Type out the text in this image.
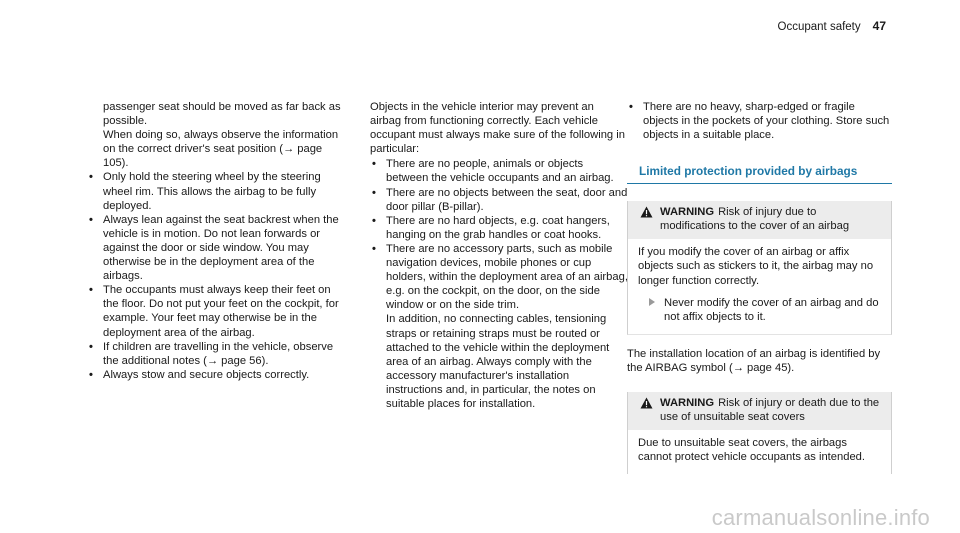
Occupant safety 47

passenger seat should be moved as far back as possible.

When doing so, always observe the information on the correct driver's seat position (→ page 105).

• Only hold the steering wheel by the steering wheel rim. This allows the airbag to be fully deployed.
• Always lean against the seat backrest when the vehicle is in motion. Do not lean forwards or against the door or side window. You may otherwise be in the deployment area of the airbags.
• The occupants must always keep their feet on the floor. Do not put your feet on the cockpit, for example. Your feet may otherwise be in the deployment area of the airbag.
• If children are travelling in the vehicle, observe the additional notes (→ page 56).
• Always stow and secure objects correctly.

Objects in the vehicle interior may prevent an airbag from functioning correctly. Each vehicle occupant must always make sure of the following in particular:

• There are no people, animals or objects between the vehicle occupants and an airbag.
• There are no objects between the seat, door and door pillar (B-pillar).
• There are no hard objects, e.g. coat hangers, hanging on the grab handles or coat hooks.
• There are no accessory parts, such as mobile navigation devices, mobile phones or cup holders, within the deployment area of an airbag, e.g. on the cockpit, on the door, on the side window or on the side trim.

In addition, no connecting cables, tensioning straps or retaining straps must be routed or attached to the vehicle within the deployment area of an airbag. Always comply with the accessory manufacturer's installation instructions and, in particular, the notes on suitable places for installation.

• There are no heavy, sharp-edged or fragile objects in the pockets of your clothing. Store such objects in a suitable place.
Limited protection provided by airbags
WARNING Risk of injury due to modifications to the cover of an airbag

If you modify the cover of an airbag or affix objects such as stickers to it, the airbag may no longer function correctly.

Never modify the cover of an airbag and do not affix objects to it.

The installation location of an airbag is identified by the AIRBAG symbol (→ page 45).

WARNING Risk of injury or death due to the use of unsuitable seat covers

Due to unsuitable seat covers, the airbags cannot protect vehicle occupants as intended.

carmanualsonline.info
